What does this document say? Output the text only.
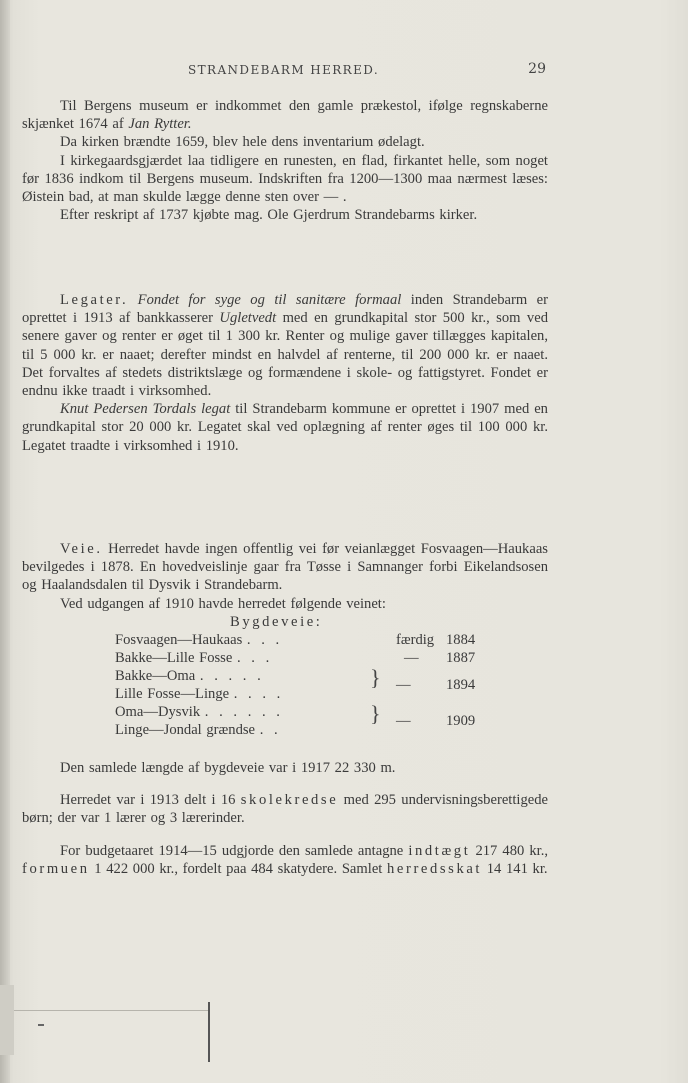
STRANDEBARM HERRED.	29

Til Bergens museum er indkommet den gamle prækestol, ifølge regnskaberne skjænket 1674 af Jan Rytter.

Da kirken brændte 1659, blev hele dens inventarium ødelagt.

I kirkegaardsgjærdet laa tidligere en runesten, en flad, firkantet helle, som noget før 1836 indkom til Bergens museum. Indskriften fra 1200—1300 maa nærmest læses: Øistein bad, at man skulde lægge denne sten over — .

Efter reskript af 1737 kjøbte mag. Ole Gjerdrum Strandebarms kirker.

Legater. Fondet for syge og til sanitære formaal inden Strandebarm er oprettet i 1913 af bankkasserer Ugletvedt med en grundkapital stor 500 kr., som ved senere gaver og renter er øget til 1 300 kr. Renter og mulige gaver tillægges kapitalen, til 5 000 kr. er naaet; derefter mindst en halvdel af renterne, til 200 000 kr. er naaet. Det forvaltes af stedets distriktslæge og formændene i skole- og fattigstyret. Fondet er endnu ikke traadt i virksomhed.

Knut Pedersen Tordals legat til Strandebarm kommune er oprettet i 1907 med en grundkapital stor 20 000 kr. Legatet skal ved oplægning af renter øges til 100 000 kr. Legatet traadte i virksomhed i 1910.

Veie. Herredet havde ingen offentlig vei før veianlægget Fosvaagen—Haukaas bevilgedes i 1878. En hovedveislinje gaar fra Tøsse i Samnanger forbi Eikelandsosen og Haalandsdalen til Dysvik i Strandebarm.

Ved udgangen af 1910 havde herredet følgende veinet:

Bygdeveie:

Fosvaagen—Haukaas . . .	færdig 1884
Bakke—Lille Fosse . . .	— 1887
Bakke—Oma . . . . .
Lille Fosse—Linge . . . .
} — 1894
Oma—Dysvik . . . . . .
Linge—Jondal grændse . .
} — 1909

Den samlede længde af bygdeveie var i 1917 22 330 m.

Herredet var i 1913 delt i 16 skolekredse med 295 undervisningsberettigede børn; der var 1 lærer og 3 lærerinder.

For budgetaaret 1914—15 udgjorde den samlede antagne indtægt 217 480 kr., formuen 1 422 000 kr., fordelt paa 484 skatydere. Samlet herredsskat 14 141 kr.
